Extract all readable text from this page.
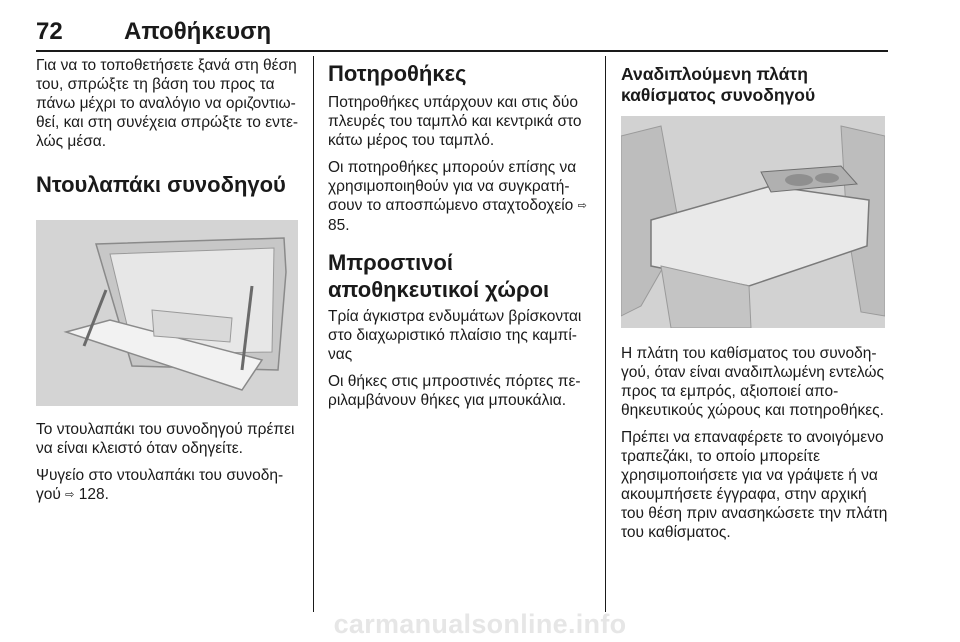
72	Αποθήκευση

Για να το τοποθετήσετε ξανά στη θέση του, σπρώξτε τη βάση του προς τα πάνω μέχρι το αναλόγιο να οριζοντιωθεί, και στη συνέχεια σπρώξτε το εντελώς μέσα.

Ντουλαπάκι συνοδηγού

Το ντουλαπάκι του συνοδηγού πρέπει να είναι κλειστό όταν οδηγείτε.

Ψυγείο στο ντουλαπάκι του συνοδηγού ⇨ 128.

Ποτηροθήκες

Ποτηροθήκες υπάρχουν και στις δύο πλευρές του ταμπλό και κεντρικά στο κάτω μέρος του ταμπλό.

Οι ποτηροθήκες μπορούν επίσης να χρησιμοποιηθούν για να συγκρατήσουν το αποσπώμενο σταχτοδοχείο ⇨ 85.

Μπροστινοί αποθηκευτικοί χώροι

Τρία άγκιστρα ενδυμάτων βρίσκονται στο διαχωριστικό πλαίσιο της καμπίνας

Οι θήκες στις μπροστινές πόρτες περιλαμβάνουν θήκες για μπουκάλια.

Αναδιπλούμενη πλάτη καθίσματος συνοδηγού

Η πλάτη του καθίσματος του συνοδηγού, όταν είναι αναδιπλωμένη εντελώς προς τα εμπρός, αξιοποιεί αποθηκευτικούς χώρους και ποτηροθήκες.

Πρέπει να επαναφέρετε το ανοιγόμενο τραπεζάκι, το οποίο μπορείτε χρησιμοποιήσετε για να γράψετε ή να ακουμπήσετε έγγραφα, στην αρχική του θέση πριν ανασηκώσετε την πλάτη του καθίσματος.

carmanualsonline.info
